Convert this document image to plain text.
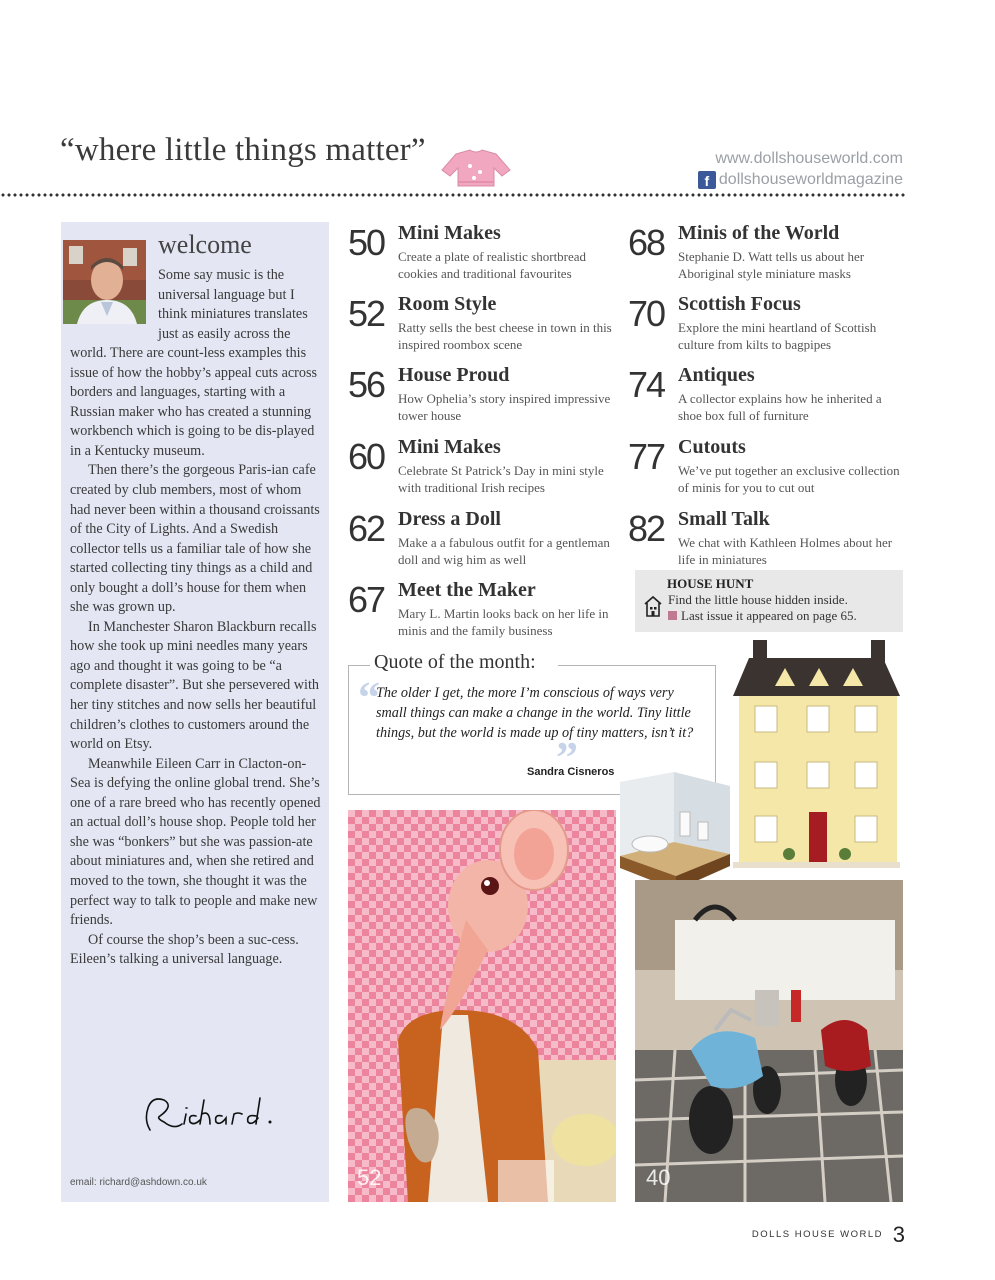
“where little things matter”	www.dollshouseworld.com
f dollshouseworldmagazine
welcome

Some say music is the universal language but I think miniatures translates just as easily across the world. There are count-less examples this issue of how the hobby’s appeal cuts across borders and languages, starting with a Russian maker who has created a stunning workbench which is going to be dis-played in a Kentucky museum.

Then there’s the gorgeous Paris-ian cafe created by club members, most of whom had never been within a thousand croissants of the City of Lights. And a Swedish collector tells us a familiar tale of how she started collecting tiny things as a child and only bought a doll’s house for them when she was grown up.

In Manchester Sharon Blackburn recalls how she took up mini needles many years ago and thought it was going to be “a complete disaster”. But she persevered with her tiny stitches and now sells her beautiful children’s clothes to customers around the world on Etsy.

Meanwhile Eileen Carr in Clacton-on-Sea is defying the online global trend. She’s one of a rare breed who has recently opened an actual doll’s house shop. People told her she was “bonkers” but she was passion-ate about miniatures and, when she retired and moved to the town, she thought it was the perfect way to talk to people and make new friends.

Of course the shop’s been a suc-cess. Eileen’s talking a universal language.

email: richard@ashdown.co.uk
50 Mini Makes
Create a plate of realistic shortbread cookies and traditional favourites
52 Room Style
Ratty sells the best cheese in town in this inspired roombox scene
56 House Proud
How Ophelia’s story inspired impressive tower house
60 Mini Makes
Celebrate St Patrick’s Day in mini style with traditional Irish recipes
62 Dress a Doll
Make a a fabulous outfit for a gentleman doll and wig him as well
67 Meet the Maker
Mary L. Martin looks back on her life in minis and the family business
68 Minis of the World
Stephanie D. Watt tells us about her Aboriginal style miniature masks
70 Scottish Focus
Explore the mini heartland of Scottish culture from kilts to bagpipes
74 Antiques
A collector explains how he inherited a shoe box full of furniture
77 Cutouts
We’ve put together an exclusive collection of minis for you to cut out
82 Small Talk
We chat with Kathleen Holmes about her life in miniatures
HOUSE HUNT
Find the little house hidden inside.
Last issue it appeared on page 65.
Quote of the month:
“
The older I get, the more I’m conscious of ways very small things can make a change in the world. Tiny little things, but the world is made up of tiny matters, isn’t it?
”
Sandra Cisneros
52	40
DOLLS HOUSE WORLD 3
